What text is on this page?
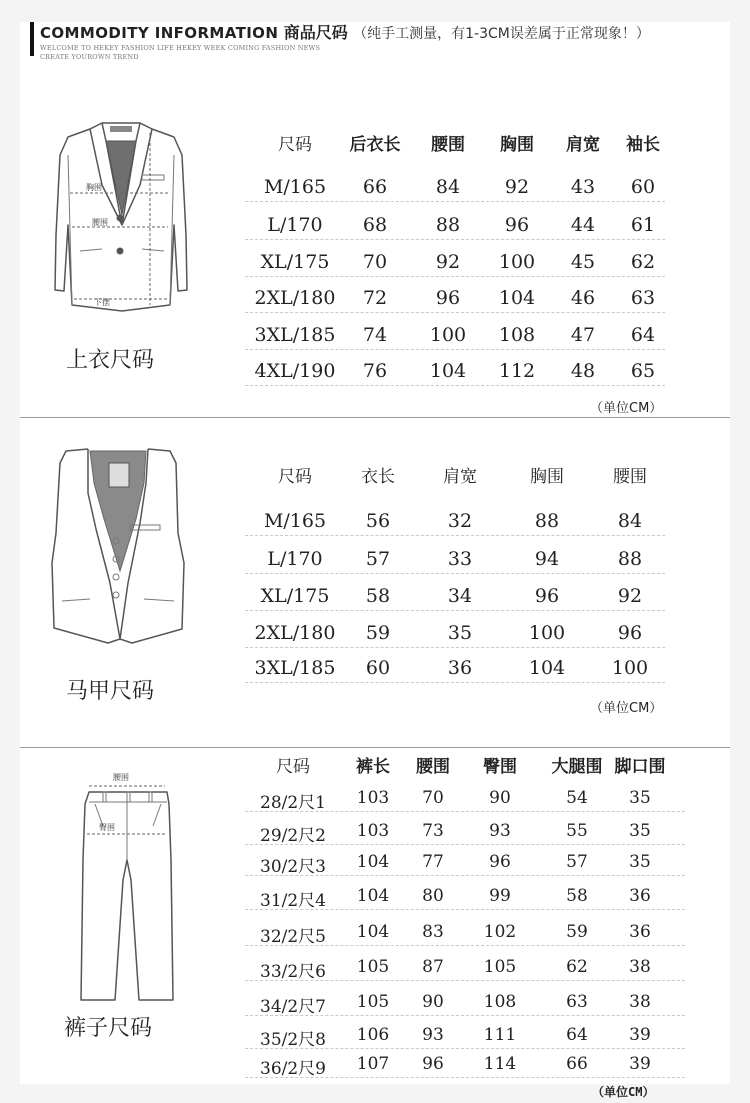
COMMODITY INFORMATION 商品尺码 （纯手工测量，有1-3CM误差属于正常现象！）
WELCOME TO HEKEY FASHION LIFE HEKEY WEEK COMING FASHION NEWS
CREATE YOUROWN TREND
胸围
腰围
下摆
上衣尺码
尺码 后衣长 腰围 胸围 肩宽 袖长
M/165 66	84 92 43 60
L/170 68	88 96 44 61
XL/175 70	92 100 45 62
2XL/180 72	96 104 46 63
3XL/185 74 100 108 47 64
4XL/190 76 104 112 48 65
（单位CM）
马甲尺码
尺码	衣长	肩宽	胸围	腰围
M/165 56	32	88	84
L/170 57	33	94	88
XL/175 58	34	96	92
2XL/180 59	35	100	96
3XL/185 60	36	104 100
（单位CM）
腰围
臀围
裤子尺码
尺码	裤长 腰围 臀围 大腿围 脚口围
28/2尺1 103 70	90	54 35
29/2尺2 103 73	93	55 35
30/2尺3 104 77	96	57 35
31/2尺4 104 80	99	58 36
32/2尺5 104 83 102	59 36
33/2尺6 105 87 105	62 38
34/2尺7 105 90 108	63 38
35/2尺8 106 93 111	64 39
36/2尺9 107 96 114	66 39
（单位CM）
